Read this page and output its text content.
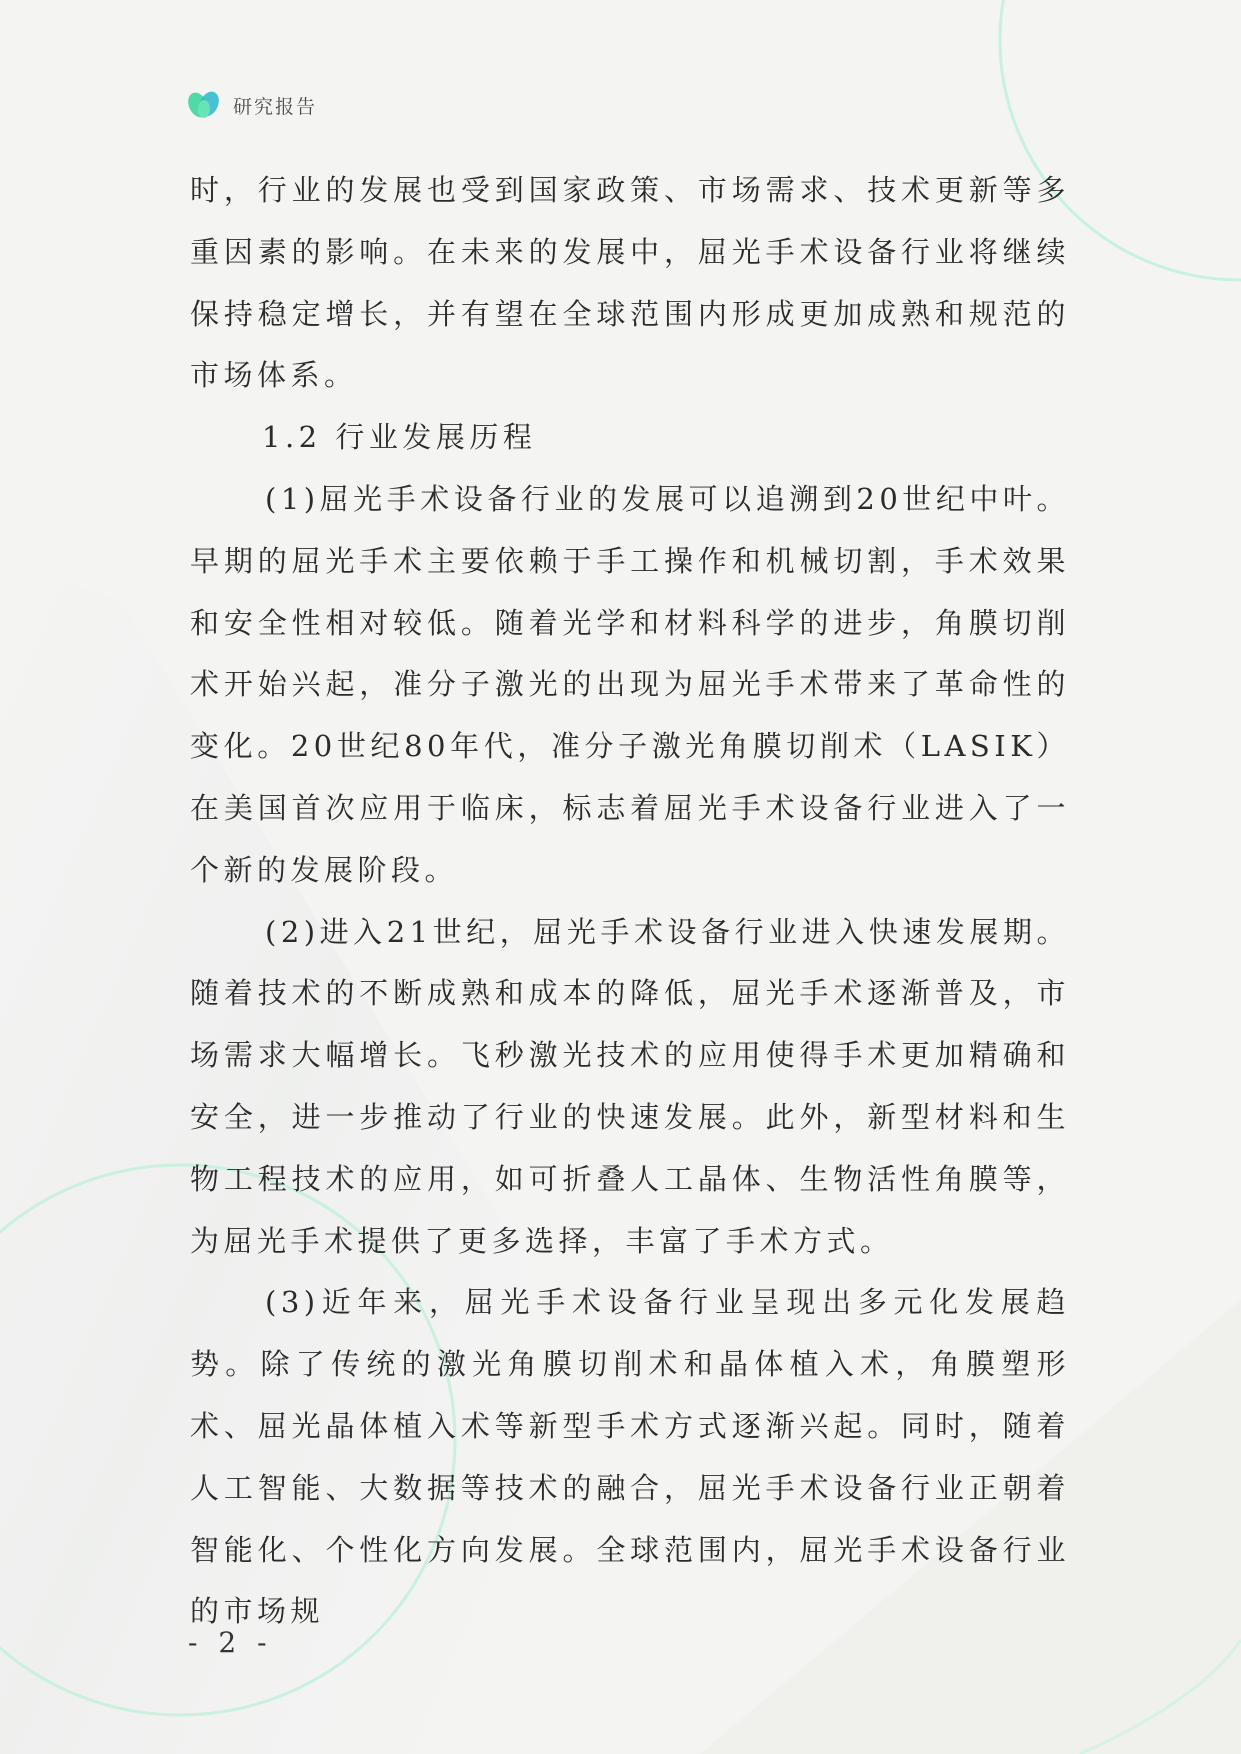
研究报告

时，行业的发展也受到国家政策、市场需求、技术更新等多重因素的影响。在未来的发展中，屈光手术设备行业将继续保持稳定增长，并有望在全球范围内形成更加成熟和规范的市场体系。

1.2 行业发展历程

(1)屈光手术设备行业的发展可以追溯到20世纪中叶。早期的屈光手术主要依赖于手工操作和机械切割，手术效果和安全性相对较低。随着光学和材料科学的进步，角膜切削术开始兴起，准分子激光的出现为屈光手术带来了革命性的变化。20世纪80年代，准分子激光角膜切削术（LASIK）在美国首次应用于临床，标志着屈光手术设备行业进入了一个新的发展阶段。

(2)进入21世纪，屈光手术设备行业进入快速发展期。随着技术的不断成熟和成本的降低，屈光手术逐渐普及，市场需求大幅增长。飞秒激光技术的应用使得手术更加精确和安全，进一步推动了行业的快速发展。此外，新型材料和生物工程技术的应用，如可折叠人工晶体、生物活性角膜等，为屈光手术提供了更多选择，丰富了手术方式。

(3)近年来，屈光手术设备行业呈现出多元化发展趋势。除了传统的激光角膜切削术和晶体植入术，角膜塑形术、屈光晶体植入术等新型手术方式逐渐兴起。同时，随着人工智能、大数据等技术的融合，屈光手术设备行业正朝着智能化、个性化方向发展。全球范围内，屈光手术设备行业的市场规

- 2 -
